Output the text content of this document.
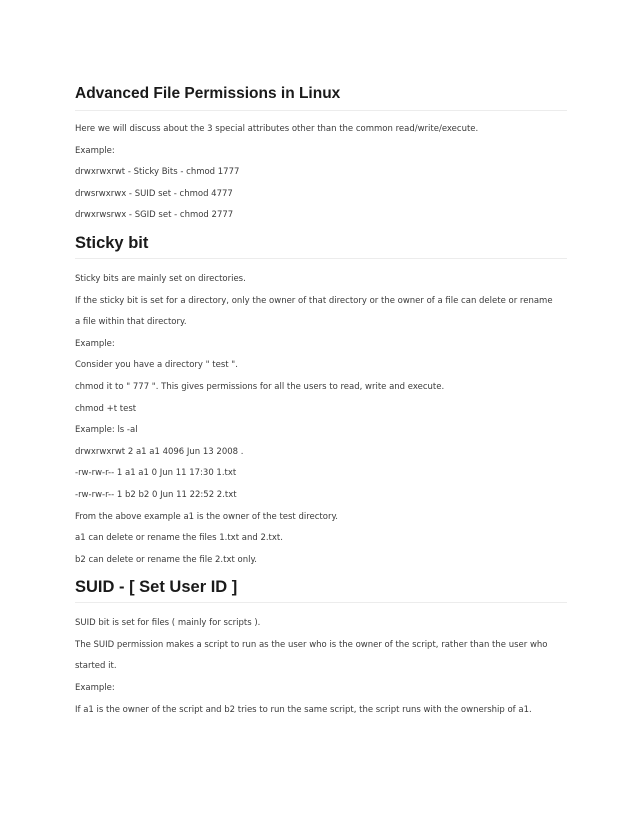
Advanced File Permissions in Linux

Here we will discuss about the 3 special attributes other than the common read/write/execute.

Example:

drwxrwxrwt - Sticky Bits - chmod 1777

drwsrwxrwx - SUID set - chmod 4777

drwxrwsrwx - SGID set - chmod 2777

Sticky bit

Sticky bits are mainly set on directories.

If the sticky bit is set for a directory, only the owner of that directory or the owner of a file can delete or rename

a file within that directory.

Example:

Consider you have a directory " test ".

chmod it to " 777 ". This gives permissions for all the users to read, write and execute.

chmod +t test

Example: ls -al

drwxrwxrwt 2 a1 a1 4096 Jun 13 2008 .

-rw-rw-r-- 1 a1 a1 0 Jun 11 17:30 1.txt

-rw-rw-r-- 1 b2 b2 0 Jun 11 22:52 2.txt

From the above example a1 is the owner of the test directory.

a1 can delete or rename the files 1.txt and 2.txt.

b2 can delete or rename the file 2.txt only.

SUID - [ Set User ID ]

SUID bit is set for files ( mainly for scripts ).

The SUID permission makes a script to run as the user who is the owner of the script, rather than the user who

started it.

Example:

If a1 is the owner of the script and b2 tries to run the same script, the script runs with the ownership of a1.
